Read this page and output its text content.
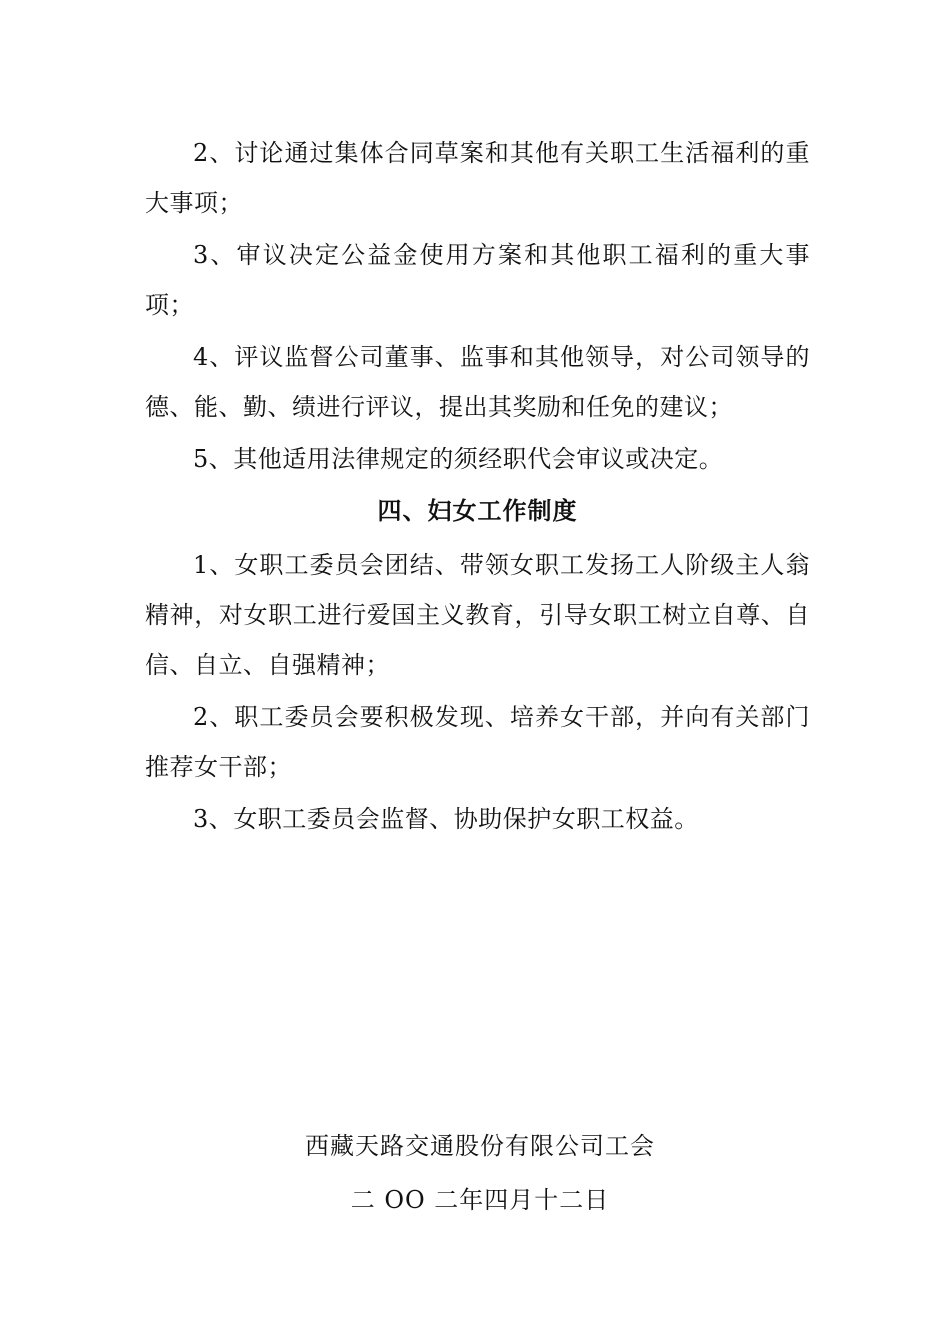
2、讨论通过集体合同草案和其他有关职工生活福利的重大事项；

3、审议决定公益金使用方案和其他职工福利的重大事项；

4、评议监督公司董事、监事和其他领导，对公司领导的德、能、勤、绩进行评议，提出其奖励和任免的建议；

5、其他适用法律规定的须经职代会审议或决定。

四、妇女工作制度

1、女职工委员会团结、带领女职工发扬工人阶级主人翁精神，对女职工进行爱国主义教育，引导女职工树立自尊、自信、自立、自强精神；

2、职工委员会要积极发现、培养女干部，并向有关部门推荐女干部；

3、女职工委员会监督、协助保护女职工权益。

西藏天路交通股份有限公司工会
二 OO 二年四月十二日
